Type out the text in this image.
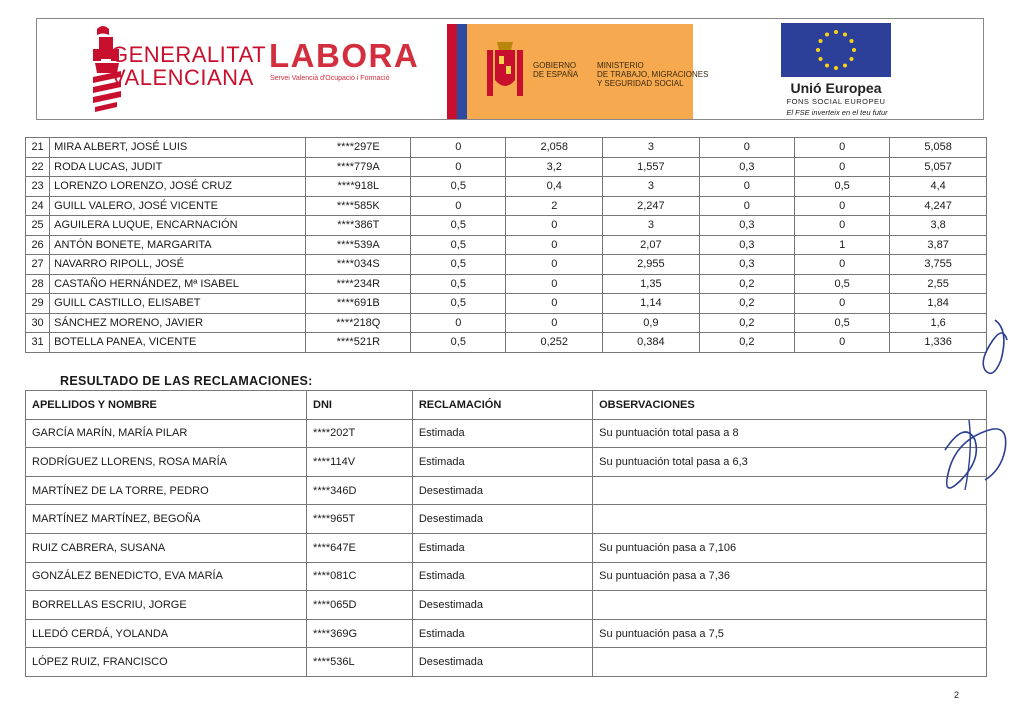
GENERALITAT
VALENCIANA
LABORA
Servei Valencià d'Ocupació i Formació
GOBIERNO
DE ESPAÑA
MINISTERIO
DE TRABAJO, MIGRACIONES
Y SEGURIDAD SOCIAL	Unió Europea
FONS SOCIAL EUROPEU
El FSE inverteix en el teu futur
21	MIRA ALBERT, JOSÉ LUIS	****297E	0	2,058	3	0	0	5,058
22	RODA LUCAS, JUDIT	****779A	0	3,2	1,557	0,3	0	5,057
23	LORENZO LORENZO, JOSÉ CRUZ	****918L	0,5	0,4	3	0	0,5	4,4
24	GUILL VALERO, JOSÉ VICENTE	****585K	0	2	2,247	0	0	4,247
25	AGUILERA LUQUE, ENCARNACIÓN	****386T	0,5	0	3	0,3	0	3,8
26	ANTÓN BONETE, MARGARITA	****539A	0,5	0	2,07	0,3	1	3,87
27	NAVARRO RIPOLL, JOSÉ	****034S	0,5	0	2,955	0,3	0	3,755
28	CASTAÑO HERNÁNDEZ, Mª ISABEL	****234R	0,5	0	1,35	0,2	0,5	2,55
29	GUILL CASTILLO, ELISABET	****691B	0,5	0	1,14	0,2	0	1,84
30	SÁNCHEZ MORENO, JAVIER	****218Q	0	0	0,9	0,2	0,5	1,6
31	BOTELLA PANEA, VICENTE	****521R	0,5	0,252	0,384	0,2	0	1,336
RESULTADO DE LAS RECLAMACIONES:
APELLIDOS Y NOMBRE	DNI	RECLAMACIÓN	OBSERVACIONES
GARCÍA MARÍN, MARÍA PILAR	****202T	Estimada	Su puntuación total pasa a 8
RODRÍGUEZ LLORENS, ROSA MARÍA	****114V	Estimada	Su puntuación total pasa a 6,3
MARTÍNEZ DE LA TORRE, PEDRO	****346D	Desestimada	
MARTÍNEZ MARTÍNEZ, BEGOÑA	****965T	Desestimada	
RUIZ CABRERA, SUSANA	****647E	Estimada	Su puntuación pasa a 7,106
GONZÁLEZ BENEDICTO, EVA MARÍA	****081C	Estimada	Su puntuación pasa a 7,36
BORRELLAS ESCRIU, JORGE	****065D	Desestimada	
LLEDÓ CERDÁ, YOLANDA	****369G	Estimada	Su puntuación pasa a 7,5
LÓPEZ RUIZ, FRANCISCO	****536L	Desestimada	
2
